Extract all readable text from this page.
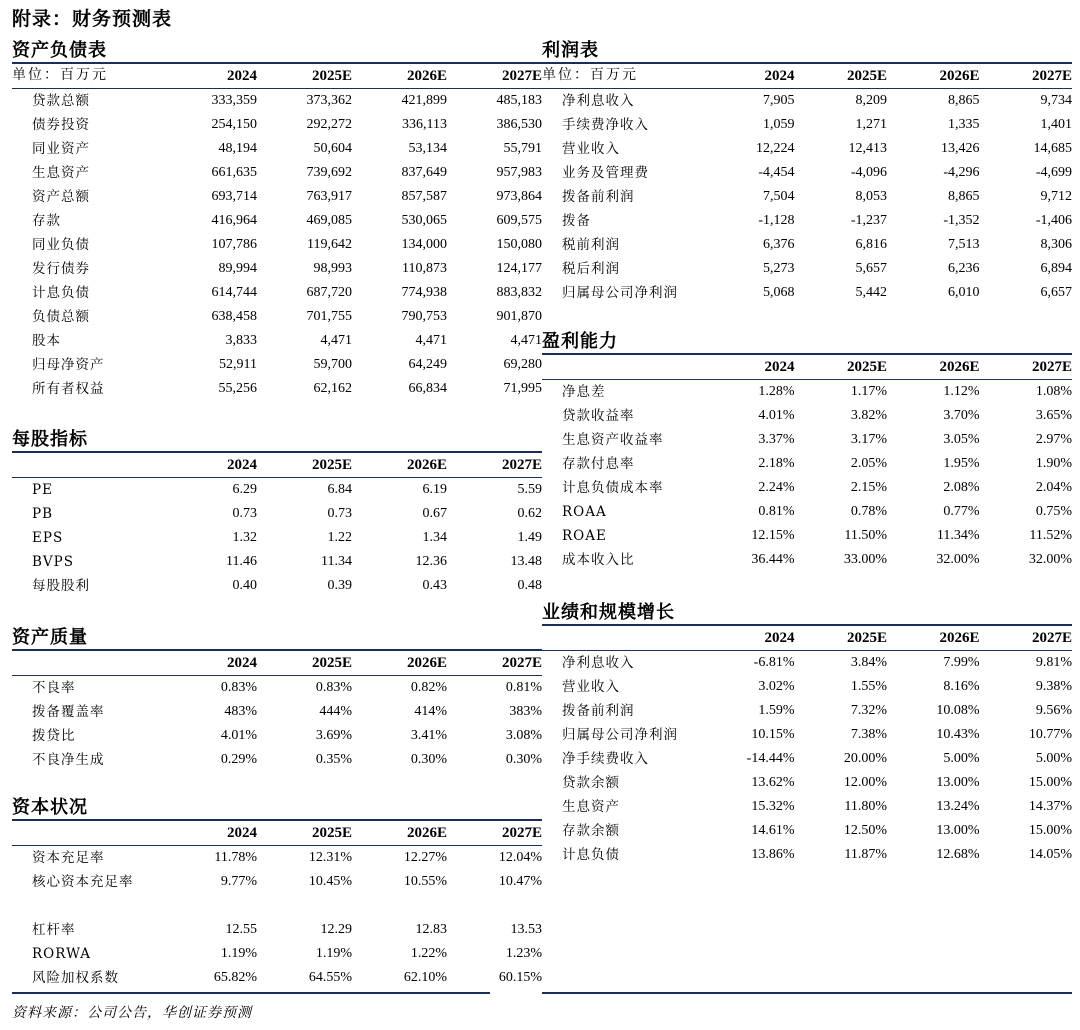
附录：财务预测表
资产负债表
单位：百万元	2024	2025E	2026E	2027E
贷款总额	333,359	373,362	421,899	485,183
债券投资	254,150	292,272	336,113	386,530
同业资产	48,194	50,604	53,134	55,791
生息资产	661,635	739,692	837,649	957,983
资产总额	693,714	763,917	857,587	973,864
存款	416,964	469,085	530,065	609,575
同业负债	107,786	119,642	134,000	150,080
发行债券	89,994	98,993	110,873	124,177
计息负债	614,744	687,720	774,938	883,832
负债总额	638,458	701,755	790,753	901,870
股本	3,833	4,471	4,471	4,471
归母净资产	52,911	59,700	64,249	69,280
所有者权益	55,256	62,162	66,834	71,995
每股指标
	2024	2025E	2026E	2027E
PE	6.29	6.84	6.19	5.59
PB	0.73	0.73	0.67	0.62
EPS	1.32	1.22	1.34	1.49
BVPS	11.46	11.34	12.36	13.48
每股股利	0.40	0.39	0.43	0.48
资产质量
	2024	2025E	2026E	2027E
不良率	0.83%	0.83%	0.82%	0.81%
拨备覆盖率	483%	444%	414%	383%
拨贷比	4.01%	3.69%	3.41%	3.08%
不良净生成	0.29%	0.35%	0.30%	0.30%
资本状况
	2024	2025E	2026E	2027E
资本充足率	11.78%	12.31%	12.27%	12.04%
核心资本充足率	9.77%	10.45%	10.55%	10.47%

杠杆率	12.55	12.29	12.83	13.53
RORWA	1.19%	1.19%	1.22%	1.23%
风险加权系数	65.82%	64.55%	62.10%	60.15%
利润表
单位：百万元	2024	2025E	2026E	2027E
净利息收入	7,905	8,209	8,865	9,734
手续费净收入	1,059	1,271	1,335	1,401
营业收入	12,224	12,413	13,426	14,685
业务及管理费	-4,454	-4,096	-4,296	-4,699
拨备前利润	7,504	8,053	8,865	9,712
拨备	-1,128	-1,237	-1,352	-1,406
税前利润	6,376	6,816	7,513	8,306
税后利润	5,273	5,657	6,236	6,894
归属母公司净利润	5,068	5,442	6,010	6,657
盈利能力
	2024	2025E	2026E	2027E
净息差	1.28%	1.17%	1.12%	1.08%
贷款收益率	4.01%	3.82%	3.70%	3.65%
生息资产收益率	3.37%	3.17%	3.05%	2.97%
存款付息率	2.18%	2.05%	1.95%	1.90%
计息负债成本率	2.24%	2.15%	2.08%	2.04%
ROAA	0.81%	0.78%	0.77%	0.75%
ROAE	12.15%	11.50%	11.34%	11.52%
成本收入比	36.44%	33.00%	32.00%	32.00%
业绩和规模增长
	2024	2025E	2026E	2027E
净利息收入	-6.81%	3.84%	7.99%	9.81%
营业收入	3.02%	1.55%	8.16%	9.38%
拨备前利润	1.59%	7.32%	10.08%	9.56%
归属母公司净利润	10.15%	7.38%	10.43%	10.77%
净手续费收入	-14.44%	20.00%	5.00%	5.00%
贷款余额	13.62%	12.00%	13.00%	15.00%
生息资产	15.32%	11.80%	13.24%	14.37%
存款余额	14.61%	12.50%	13.00%	15.00%
计息负债	13.86%	11.87%	12.68%	14.05%
资料来源：公司公告，华创证券预测
